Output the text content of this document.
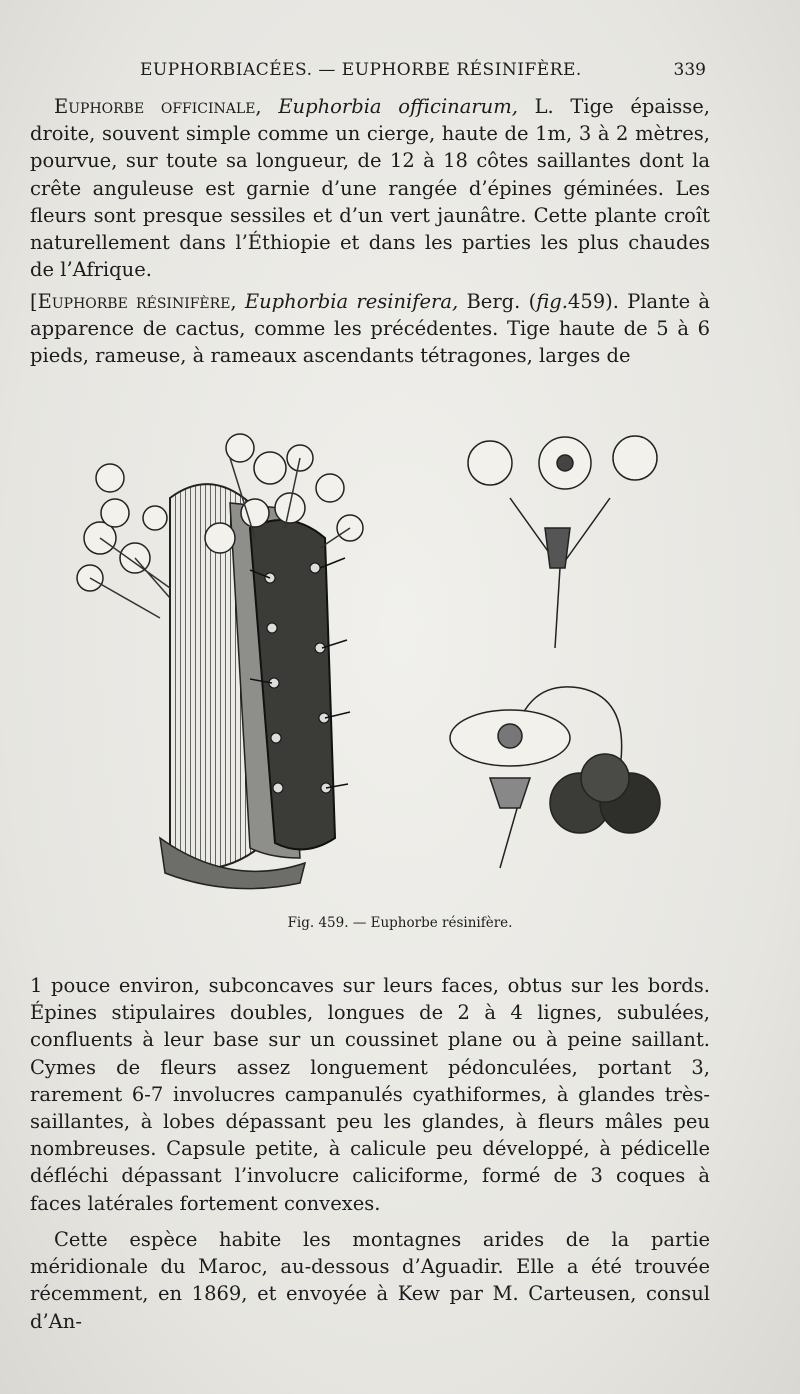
EUPHORBIACÉES. — EUPHORBE RÉSINIFÈRE.	339

Euphorbe officinale, Euphorbia officinarum, L. Tige épaisse, droite, souvent simple comme un cierge, haute de 1m, 3 à 2 mètres, pourvue, sur toute sa longueur, de 12 à 18 côtes saillantes dont la crête anguleuse est garnie d’une rangée d’épines géminées. Les fleurs sont presque sessiles et d’un vert jaunâtre. Cette plante croît naturellement dans l’Éthiopie et dans les parties les plus chaudes de l’Afrique.

[Euphorbe résinifère, Euphorbia resinifera, Berg. (fig.459). Plante à apparence de cactus, comme les précédentes. Tige haute de 5 à 6 pieds, rameuse, à rameaux ascendants tétragones, larges de

Fig. 459. — Euphorbe résinifère.

1 pouce environ, subconcaves sur leurs faces, obtus sur les bords. Épines stipulaires doubles, longues de 2 à 4 lignes, subulées, confluents à leur base sur un coussinet plane ou à peine saillant. Cymes de fleurs assez longuement pédonculées, portant 3, rarement 6-7 involucres campanulés cyathiformes, à glandes très-saillantes, à lobes dépassant peu les glandes, à fleurs mâles peu nombreuses. Capsule petite, à calicule peu développé, à pédicelle défléchi dépassant l’involucre caliciforme, formé de 3 coques à faces latérales fortement convexes.

Cette espèce habite les montagnes arides de la partie méridionale du Maroc, au-dessous d’Aguadir. Elle a été trouvée récemment, en 1869, et envoyée à Kew par M. Carteusen, consul d’An-
